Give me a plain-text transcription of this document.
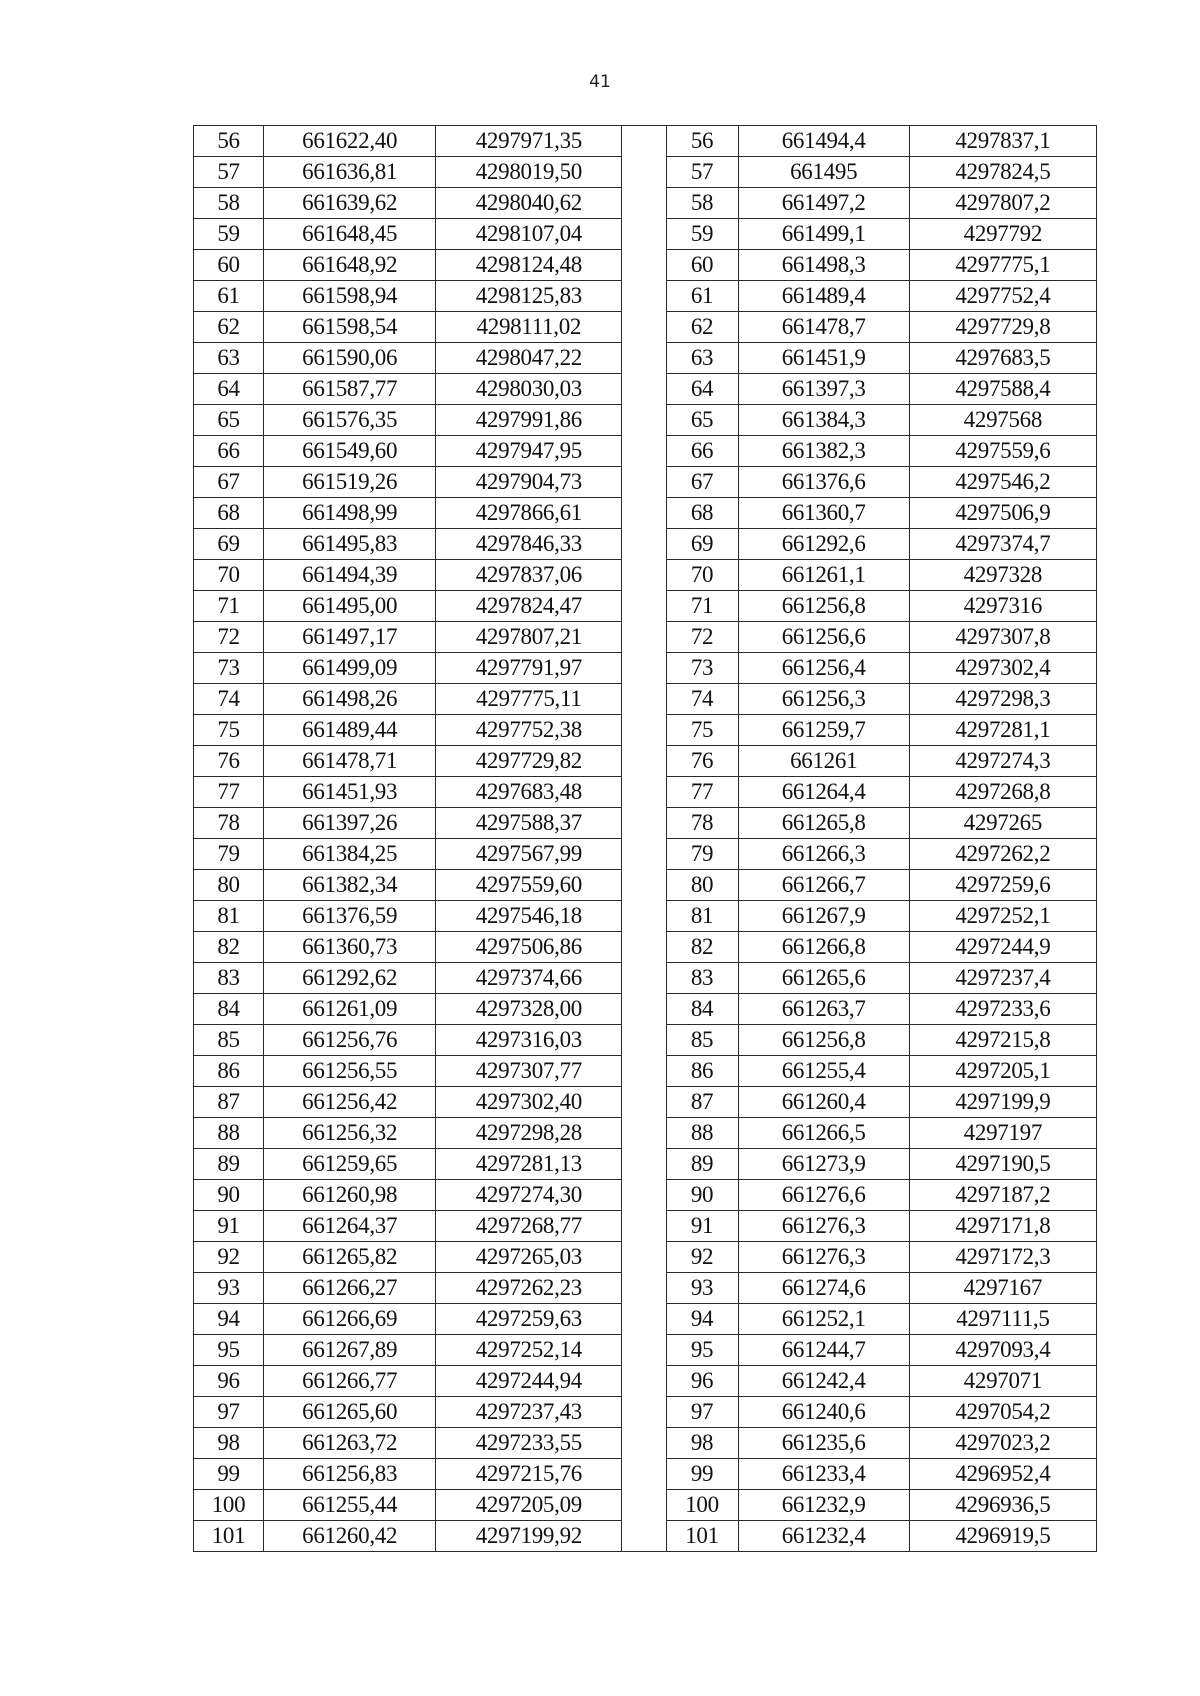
41
56	661622,40	4297971,35		56	661494,4	4297837,1
57	661636,81	4298019,50		57	661495	4297824,5
58	661639,62	4298040,62		58	661497,2	4297807,2
59	661648,45	4298107,04		59	661499,1	4297792
60	661648,92	4298124,48		60	661498,3	4297775,1
61	661598,94	4298125,83		61	661489,4	4297752,4
62	661598,54	4298111,02		62	661478,7	4297729,8
63	661590,06	4298047,22		63	661451,9	4297683,5
64	661587,77	4298030,03		64	661397,3	4297588,4
65	661576,35	4297991,86		65	661384,3	4297568
66	661549,60	4297947,95		66	661382,3	4297559,6
67	661519,26	4297904,73		67	661376,6	4297546,2
68	661498,99	4297866,61		68	661360,7	4297506,9
69	661495,83	4297846,33		69	661292,6	4297374,7
70	661494,39	4297837,06		70	661261,1	4297328
71	661495,00	4297824,47		71	661256,8	4297316
72	661497,17	4297807,21		72	661256,6	4297307,8
73	661499,09	4297791,97		73	661256,4	4297302,4
74	661498,26	4297775,11		74	661256,3	4297298,3
75	661489,44	4297752,38		75	661259,7	4297281,1
76	661478,71	4297729,82		76	661261	4297274,3
77	661451,93	4297683,48		77	661264,4	4297268,8
78	661397,26	4297588,37		78	661265,8	4297265
79	661384,25	4297567,99		79	661266,3	4297262,2
80	661382,34	4297559,60		80	661266,7	4297259,6
81	661376,59	4297546,18		81	661267,9	4297252,1
82	661360,73	4297506,86		82	661266,8	4297244,9
83	661292,62	4297374,66		83	661265,6	4297237,4
84	661261,09	4297328,00		84	661263,7	4297233,6
85	661256,76	4297316,03		85	661256,8	4297215,8
86	661256,55	4297307,77		86	661255,4	4297205,1
87	661256,42	4297302,40		87	661260,4	4297199,9
88	661256,32	4297298,28		88	661266,5	4297197
89	661259,65	4297281,13		89	661273,9	4297190,5
90	661260,98	4297274,30		90	661276,6	4297187,2
91	661264,37	4297268,77		91	661276,3	4297171,8
92	661265,82	4297265,03		92	661276,3	4297172,3
93	661266,27	4297262,23		93	661274,6	4297167
94	661266,69	4297259,63		94	661252,1	4297111,5
95	661267,89	4297252,14		95	661244,7	4297093,4
96	661266,77	4297244,94		96	661242,4	4297071
97	661265,60	4297237,43		97	661240,6	4297054,2
98	661263,72	4297233,55		98	661235,6	4297023,2
99	661256,83	4297215,76		99	661233,4	4296952,4
100	661255,44	4297205,09		100	661232,9	4296936,5
101	661260,42	4297199,92		101	661232,4	4296919,5
